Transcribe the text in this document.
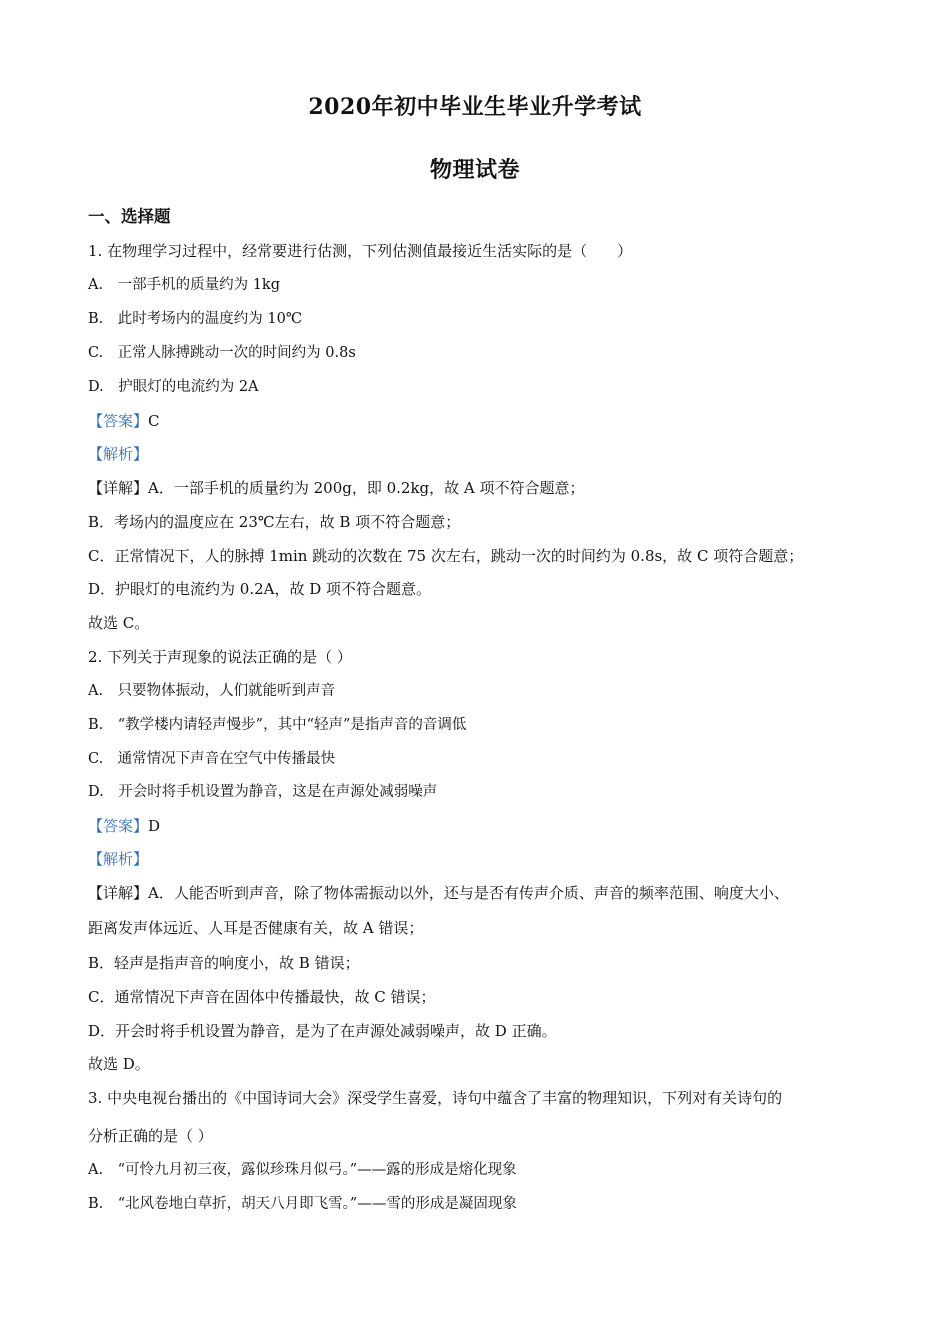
2020年初中毕业生毕业升学考试
物理试卷
一、选择题
1. 在物理学习过程中，经常要进行估测，下列估测值最接近生活实际的是（　　）
A.　一部手机的质量约为 1kg
B.　此时考场内的温度约为 10℃
C.　正常人脉搏跳动一次的时间约为 0.8s
D.　护眼灯的电流约为 2A
【答案】C
【解析】
【详解】A．一部手机的质量约为 200g，即 0.2kg，故 A 项不符合题意；
B．考场内的温度应在 23℃左右，故 B 项不符合题意；
C．正常情况下，人的脉搏 1min 跳动的次数在 75 次左右，跳动一次的时间约为 0.8s，故 C 项符合题意；
D．护眼灯的电流约为 0.2A，故 D 项不符合题意。
故选 C。
2. 下列关于声现象的说法正确的是（ ）
A.　只要物体振动，人们就能听到声音
B.　“教学楼内请轻声慢步”，其中“轻声”是指声音的音调低
C.　通常情况下声音在空气中传播最快
D.　开会时将手机设置为静音，这是在声源处减弱噪声
【答案】D
【解析】
【详解】A．人能否听到声音，除了物体需振动以外，还与是否有传声介质、声音的频率范围、响度大小、
距离发声体远近、人耳是否健康有关，故 A 错误；
B．轻声是指声音的响度小，故 B 错误；
C．通常情况下声音在固体中传播最快，故 C 错误；
D．开会时将手机设置为静音，是为了在声源处减弱噪声，故 D 正确。
故选 D。
3. 中央电视台播出的《中国诗词大会》深受学生喜爱，诗句中蕴含了丰富的物理知识，下列对有关诗句的
分析正确的是（ ）
A.　“可怜九月初三夜，露似珍珠月似弓。”——露的形成是熔化现象
B.　“北风卷地白草折，胡天八月即飞雪。”——雪的形成是凝固现象
